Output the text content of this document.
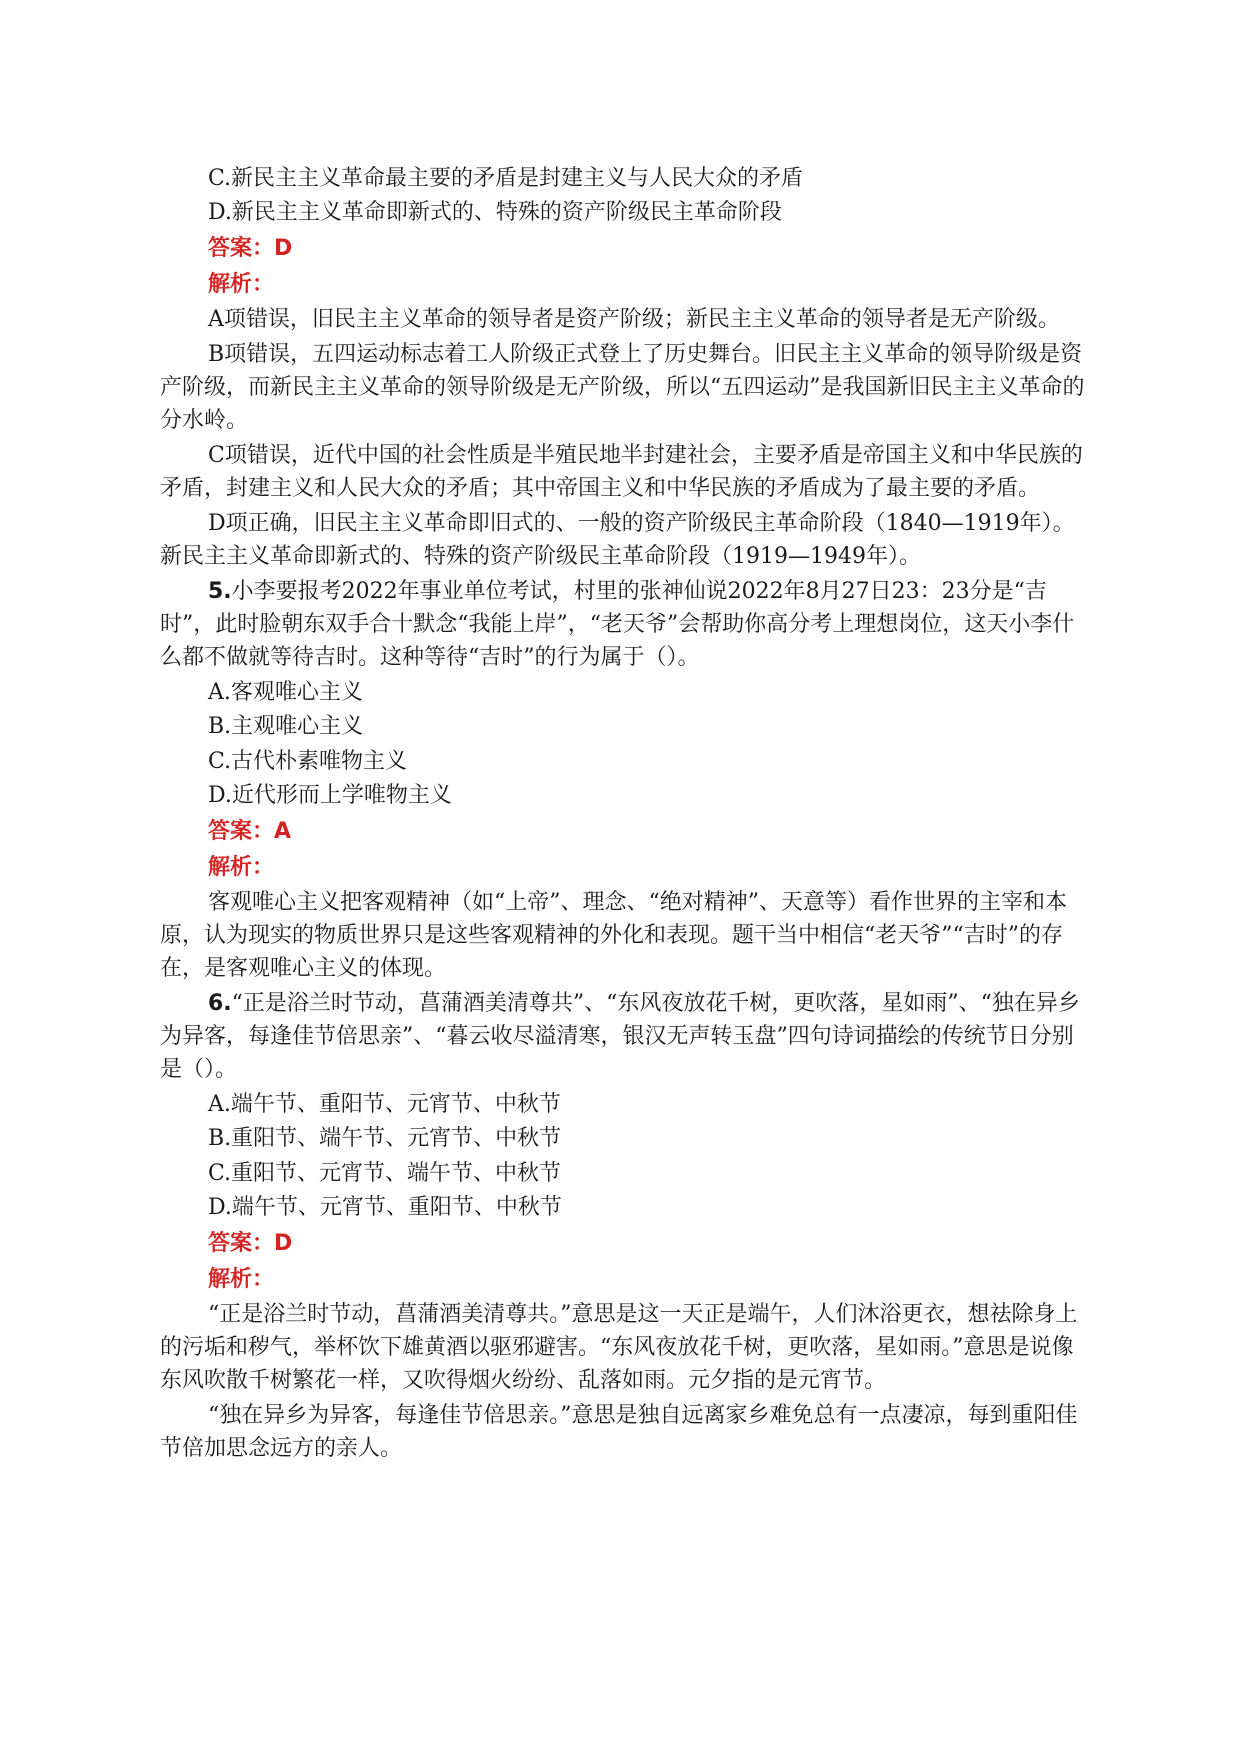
C.新民主主义革命最主要的矛盾是封建主义与人民大众的矛盾

D.新民主主义革命即新式的、特殊的资产阶级民主革命阶段

答案：D

解析：

A项错误，旧民主主义革命的领导者是资产阶级；新民主主义革命的领导者是无产阶级。

B项错误，五四运动标志着工人阶级正式登上了历史舞台。旧民主主义革命的领导阶级是资产阶级，而新民主主义革命的领导阶级是无产阶级，所以“五四运动”是我国新旧民主主义革命的分水岭。

C项错误，近代中国的社会性质是半殖民地半封建社会，主要矛盾是帝国主义和中华民族的矛盾，封建主义和人民大众的矛盾；其中帝国主义和中华民族的矛盾成为了最主要的矛盾。

D项正确，旧民主主义革命即旧式的、一般的资产阶级民主革命阶段（1840—1919年）。新民主主义革命即新式的、特殊的资产阶级民主革命阶段（1919—1949年）。

5.小李要报考2022年事业单位考试，村里的张神仙说2022年8月27日23：23分是“吉时”，此时脸朝东双手合十默念“我能上岸”，“老天爷”会帮助你高分考上理想岗位，这天小李什么都不做就等待吉时。这种等待“吉时”的行为属于（）。

A.客观唯心主义

B.主观唯心主义

C.古代朴素唯物主义

D.近代形而上学唯物主义

答案：A

解析：

客观唯心主义把客观精神（如“上帝”、理念、“绝对精神”、天意等）看作世界的主宰和本原，认为现实的物质世界只是这些客观精神的外化和表现。题干当中相信“老天爷”“吉时”的存在，是客观唯心主义的体现。

6.“正是浴兰时节动，菖蒲酒美清尊共”、“东风夜放花千树，更吹落，星如雨”、“独在异乡为异客，每逢佳节倍思亲”、“暮云收尽溢清寒，银汉无声转玉盘”四句诗词描绘的传统节日分别是（）。

A.端午节、重阳节、元宵节、中秋节

B.重阳节、端午节、元宵节、中秋节

C.重阳节、元宵节、端午节、中秋节

D.端午节、元宵节、重阳节、中秋节

答案：D

解析：

“正是浴兰时节动，菖蒲酒美清尊共。”意思是这一天正是端午，人们沐浴更衣，想祛除身上的污垢和秽气，举杯饮下雄黄酒以驱邪避害。“东风夜放花千树，更吹落，星如雨。”意思是说像东风吹散千树繁花一样，又吹得烟火纷纷、乱落如雨。元夕指的是元宵节。

“独在异乡为异客，每逢佳节倍思亲。”意思是独自远离家乡难免总有一点凄凉，每到重阳佳节倍加思念远方的亲人。
